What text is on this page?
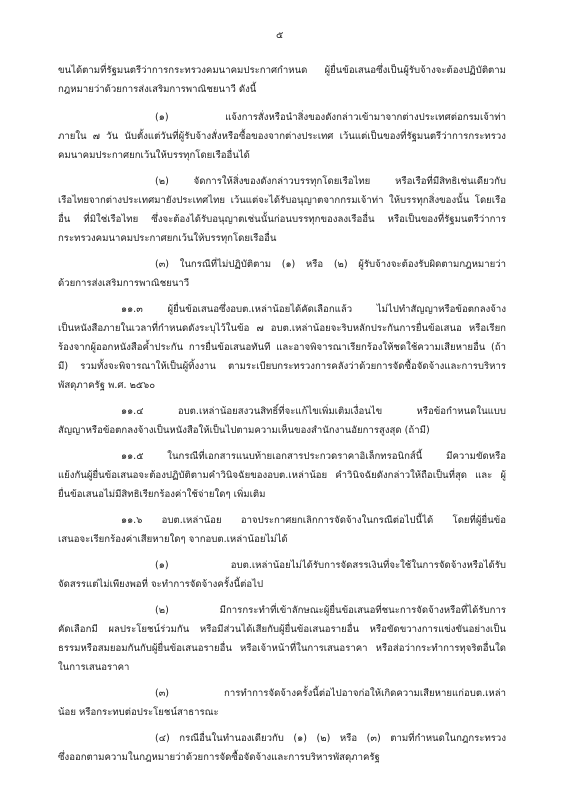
๕
ขนได้ตามที่รัฐมนตรีว่าการกระทรวงคมนาคมประกาศกำหนด ผู้ยื่นข้อเสนอซึ่งเป็นผู้รับจ้างจะต้องปฏิบัติตาม
กฎหมายว่าด้วยการส่งเสริมการพาณิชยนาวี ดังนี้
(๑) แจ้งการสั่งหรือนำสิ่งของดังกล่าวเข้ามาจากต่างประเทศต่อกรมเจ้าท่า
ภายใน ๗ วัน นับตั้งแต่วันที่ผู้รับจ้างสั่งหรือซื้อของจากต่างประเทศ เว้นแต่เป็นของที่รัฐมนตรีว่าการกระทรวง
คมนาคมประกาศยกเว้นให้บรรทุกโดยเรืออื่นได้
(๒) จัดการให้สิ่งของดังกล่าวบรรทุกโดยเรือไทย หรือเรือที่มีสิทธิเช่นเดียวกับ
เรือไทยจากต่างประเทศมายังประเทศไทย เว้นแต่จะได้รับอนุญาตจากกรมเจ้าท่า ให้บรรทุกสิ่งของนั้น โดยเรือ
อื่น ที่มิใช่เรือไทย ซึ่งจะต้องได้รับอนุญาตเช่นนั้นก่อนบรรทุกของลงเรืออื่น หรือเป็นของที่รัฐมนตรีว่าการ
กระทรวงคมนาคมประกาศยกเว้นให้บรรทุกโดยเรืออื่น
(๓) ในกรณีที่ไม่ปฏิบัติตาม (๑) หรือ (๒) ผู้รับจ้างจะต้องรับผิดตามกฎหมายว่า
ด้วยการส่งเสริมการพาณิชยนาวี
๑๑.๓ ผู้ยื่นข้อเสนอซึ่งอบต.เหล่าน้อยได้คัดเลือกแล้ว ไม่ไปทำสัญญาหรือข้อตกลงจ้าง
เป็นหนังสือภายในเวลาที่กำหนดดังระบุไว้ในข้อ ๗ อบต.เหล่าน้อยจะริบหลักประกันการยื่นข้อเสนอ หรือเรียก
ร้องจากผู้ออกหนังสือค้ำประกัน การยื่นข้อเสนอทันที และอาจพิจารณาเรียกร้องให้ชดใช้ความเสียหายอื่น (ถ้า
มี) รวมทั้งจะพิจารณาให้เป็นผู้ทิ้งงาน ตามระเบียบกระทรวงการคลังว่าด้วยการจัดซื้อจัดจ้างและการบริหาร
พัสดุภาครัฐ พ.ศ. ๒๕๖๐
๑๑.๔ อบต.เหล่าน้อยสงวนสิทธิ์ที่จะแก้ไขเพิ่มเติมเงื่อนไข หรือข้อกำหนดในแบบ
สัญญาหรือข้อตกลงจ้างเป็นหนังสือให้เป็นไปตามความเห็นของสำนักงานอัยการสูงสุด (ถ้ามี)
๑๑.๕ ในกรณีที่เอกสารแนบท้ายเอกสารประกวดราคาอิเล็กทรอนิกส์นี้ มีความขัดหรือ
แย้งกันผู้ยื่นข้อเสนอจะต้องปฏิบัติตามคำวินิจฉัยของอบต.เหล่าน้อย คำวินิจฉัยดังกล่าวให้ถือเป็นที่สุด และ ผู้
ยื่นข้อเสนอไม่มีสิทธิเรียกร้องค่าใช้จ่ายใดๆ เพิ่มเติม
๑๑.๖ อบต.เหล่าน้อย อาจประกาศยกเลิกการจัดจ้างในกรณีต่อไปนี้ได้ โดยที่ผู้ยื่นข้อ
เสนอจะเรียกร้องค่าเสียหายใดๆ จากอบต.เหล่าน้อยไม่ได้
(๑) อบต.เหล่าน้อยไม่ได้รับการจัดสรรเงินที่จะใช้ในการจัดจ้างหรือได้รับ
จัดสรรแต่ไม่เพียงพอที่ จะทำการจัดจ้างครั้งนี้ต่อไป
(๒) มีการกระทำที่เข้าลักษณะผู้ยื่นข้อเสนอที่ชนะการจัดจ้างหรือที่ได้รับการ
คัดเลือกมี ผลประโยชน์ร่วมกัน หรือมีส่วนได้เสียกับผู้ยื่นข้อเสนอรายอื่น หรือขัดขวางการแข่งขันอย่างเป็น
ธรรมหรือสมยอมกันกับผู้ยื่นข้อเสนอรายอื่น หรือเจ้าหน้าที่ในการเสนอราคา หรือส่อว่ากระทำการทุจริตอื่นใด
ในการเสนอราคา
(๓) การทำการจัดจ้างครั้งนี้ต่อไปอาจก่อให้เกิดความเสียหายแก่อบต.เหล่า
น้อย หรือกระทบต่อประโยชน์สาธารณะ
(๔) กรณีอื่นในทำนองเดียวกับ (๑) (๒) หรือ (๓) ตามที่กำหนดในกฎกระทรวง
ซึ่งออกตามความในกฎหมายว่าด้วยการจัดซื้อจัดจ้างและการบริหารพัสดุภาครัฐ
